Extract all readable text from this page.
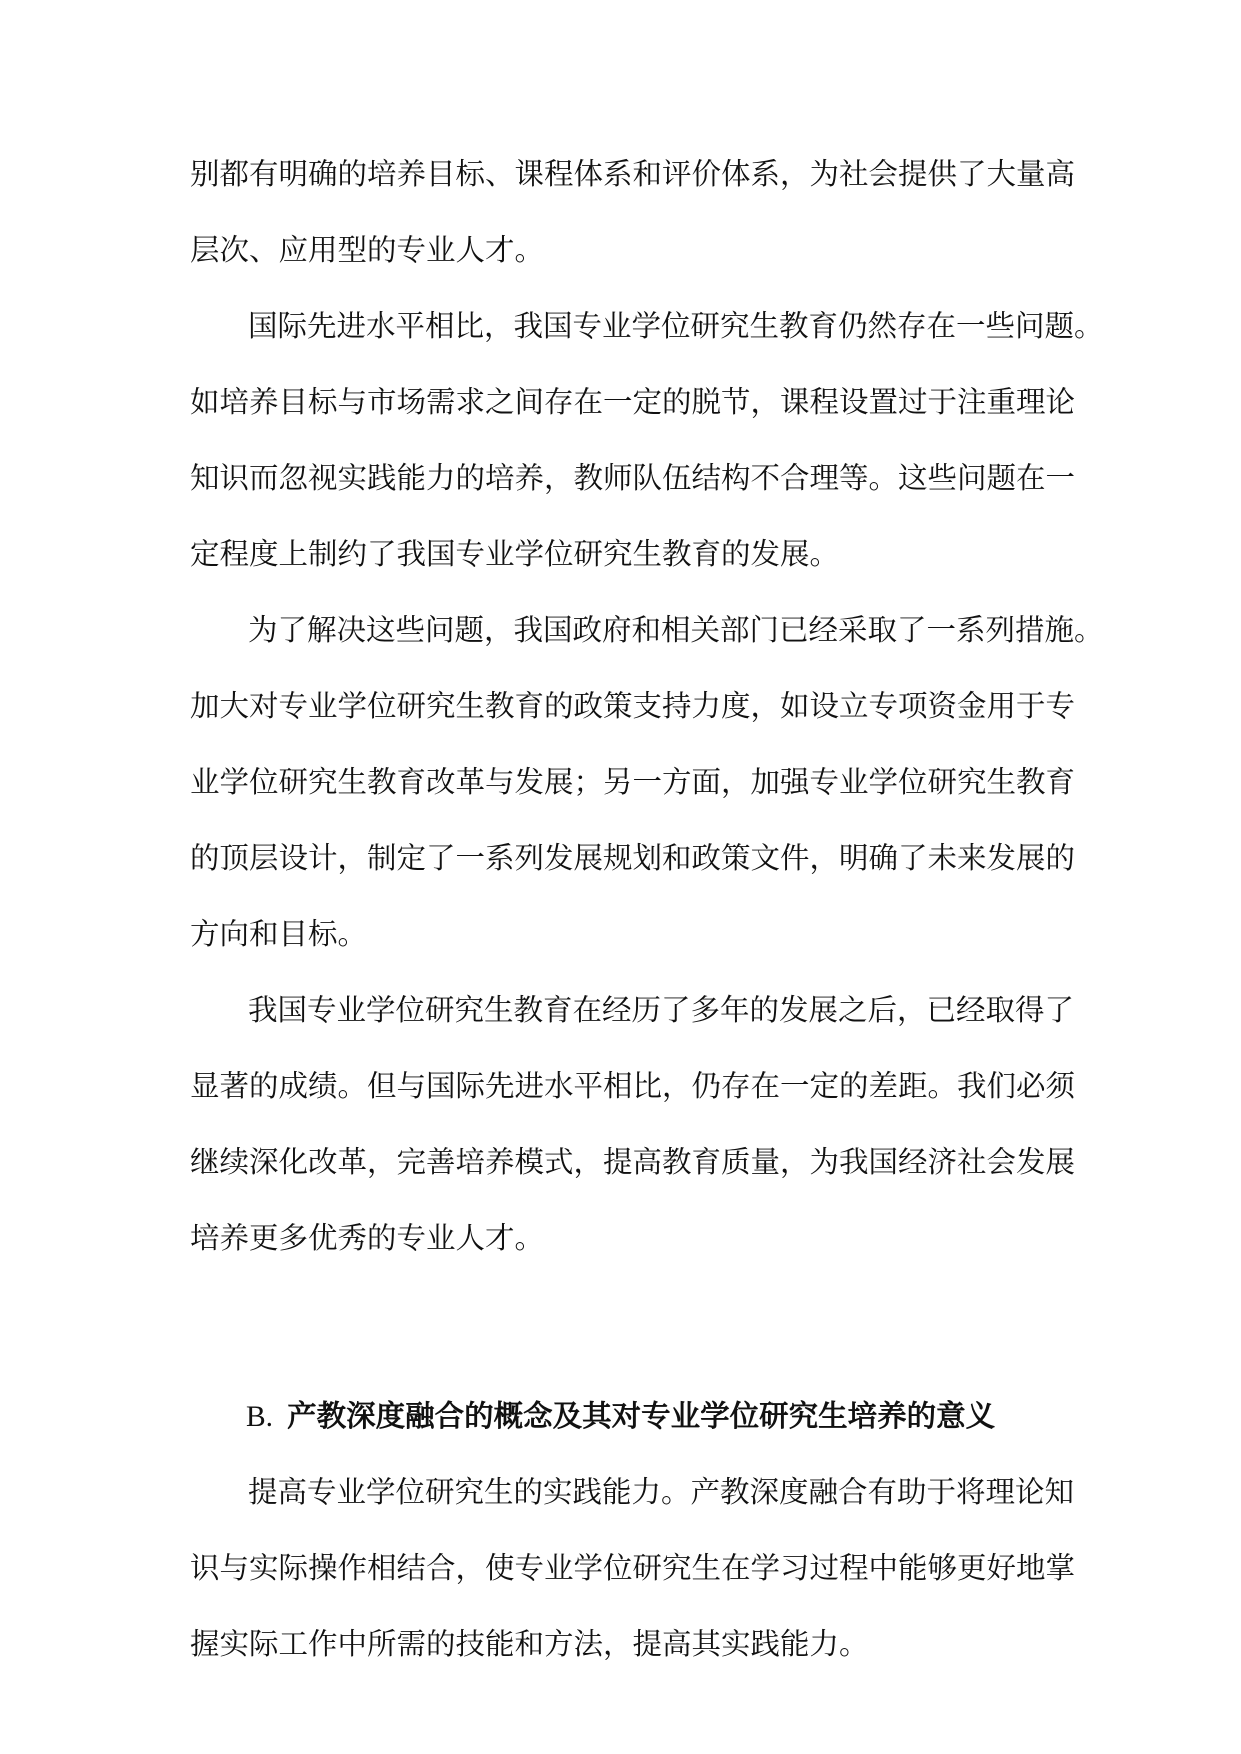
别都有明确的培养目标、课程体系和评价体系，为社会提供了大量高
层次、应用型的专业人才。
国际先进水平相比，我国专业学位研究生教育仍然存在一些问题。
如培养目标与市场需求之间存在一定的脱节，课程设置过于注重理论
知识而忽视实践能力的培养，教师队伍结构不合理等。这些问题在一
定程度上制约了我国专业学位研究生教育的发展。
为了解决这些问题，我国政府和相关部门已经采取了一系列措施。
加大对专业学位研究生教育的政策支持力度，如设立专项资金用于专
业学位研究生教育改革与发展；另一方面，加强专业学位研究生教育
的顶层设计，制定了一系列发展规划和政策文件，明确了未来发展的
方向和目标。
我国专业学位研究生教育在经历了多年的发展之后，已经取得了
显著的成绩。但与国际先进水平相比，仍存在一定的差距。我们必须
继续深化改革，完善培养模式，提高教育质量，为我国经济社会发展
培养更多优秀的专业人才。
B. 产教深度融合的概念及其对专业学位研究生培养的意义
提高专业学位研究生的实践能力。产教深度融合有助于将理论知
识与实际操作相结合，使专业学位研究生在学习过程中能够更好地掌
握实际工作中所需的技能和方法，提高其实践能力。
